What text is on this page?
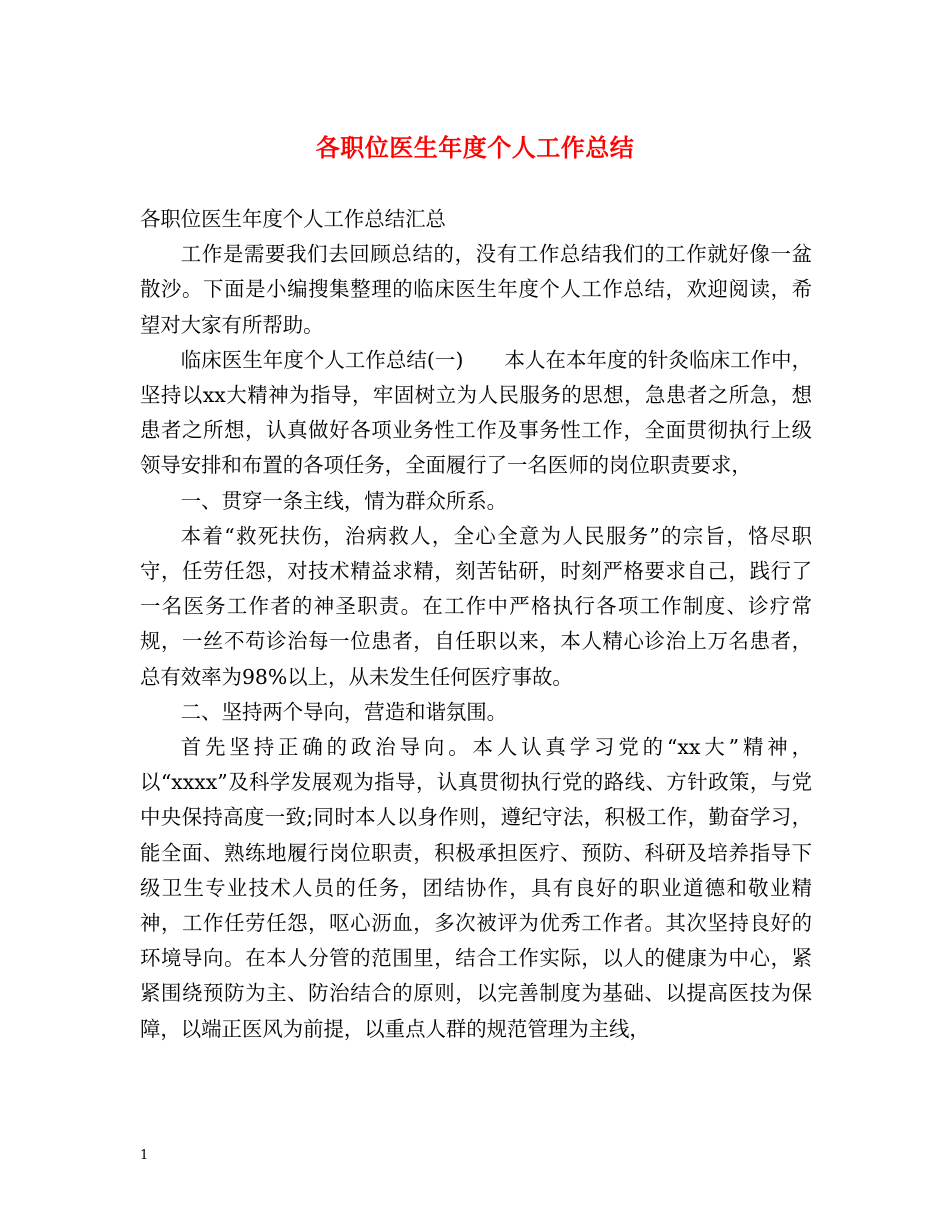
各职位医生年度个人工作总结

各职位医生年度个人工作总结汇总

工作是需要我们去回顾总结的，没有工作总结我们的工作就好像一盆散沙。下面是小编搜集整理的临床医生年度个人工作总结，欢迎阅读，希望对大家有所帮助。

临床医生年度个人工作总结(一)　　本人在本年度的针灸临床工作中，坚持以xx大精神为指导，牢固树立为人民服务的思想，急患者之所急，想患者之所想，认真做好各项业务性工作及事务性工作，全面贯彻执行上级领导安排和布置的各项任务，全面履行了一名医师的岗位职责要求，

一、贯穿一条主线，情为群众所系。

本着“救死扶伤，治病救人，全心全意为人民服务”的宗旨，恪尽职守，任劳任怨，对技术精益求精，刻苦钻研，时刻严格要求自己，践行了一名医务工作者的神圣职责。在工作中严格执行各项工作制度、诊疗常规，一丝不苟诊治每一位患者，自任职以来，本人精心诊治上万名患者，总有效率为98%以上，从未发生任何医疗事故。

二、坚持两个导向，营造和谐氛围。

首先坚持正确的政治导向。本人认真学习党的“xx大”精神，以“xxxx”及科学发展观为指导，认真贯彻执行党的路线、方针政策，与党中央保持高度一致;同时本人以身作则，遵纪守法，积极工作，勤奋学习，能全面、熟练地履行岗位职责，积极承担医疗、预防、科研及培养指导下级卫生专业技术人员的任务，团结协作，具有良好的职业道德和敬业精神，工作任劳任怨，呕心沥血，多次被评为优秀工作者。其次坚持良好的环境导向。在本人分管的范围里，结合工作实际，以人的健康为中心，紧紧围绕预防为主、防治结合的原则，以完善制度为基础、以提高医技为保障，以端正医风为前提，以重点人群的规范管理为主线，

1
